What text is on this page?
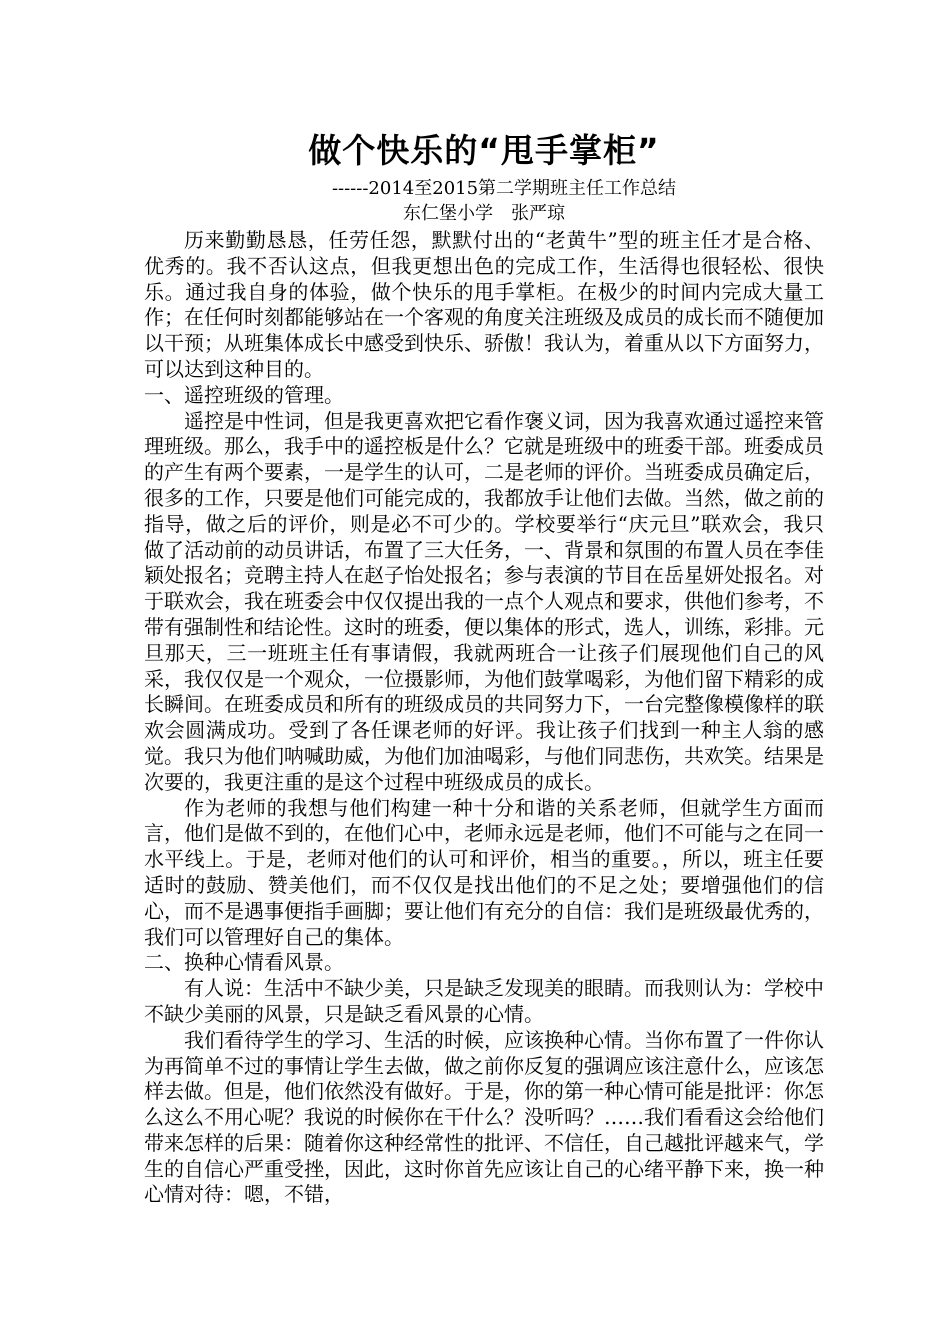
做个快乐的“甩手掌柜”

------2014至2015第二学期班主任工作总结

东仁堡小学　张严琼

历来勤勤恳恳，任劳任怨，默默付出的“老黄牛”型的班主任才是合格、优秀的。我不否认这点，但我更想出色的完成工作，生活得也很轻松、很快乐。通过我自身的体验，做个快乐的甩手掌柜。在极少的时间内完成大量工作；在任何时刻都能够站在一个客观的角度关注班级及成员的成长而不随便加以干预；从班集体成长中感受到快乐、骄傲！我认为，着重从以下方面努力，可以达到这种目的。

一、遥控班级的管理。

遥控是中性词，但是我更喜欢把它看作褒义词，因为我喜欢通过遥控来管理班级。那么，我手中的遥控板是什么？它就是班级中的班委干部。班委成员的产生有两个要素，一是学生的认可，二是老师的评价。当班委成员确定后，很多的工作，只要是他们可能完成的，我都放手让他们去做。当然，做之前的指导，做之后的评价，则是必不可少的。学校要举行“庆元旦”联欢会，我只做了活动前的动员讲话，布置了三大任务，一、背景和氛围的布置人员在李佳颖处报名；竞聘主持人在赵子怡处报名；参与表演的节目在岳星妍处报名。对于联欢会，我在班委会中仅仅提出我的一点个人观点和要求，供他们参考，不带有强制性和结论性。这时的班委，便以集体的形式，选人，训练，彩排。元旦那天，三一班班主任有事请假，我就两班合一让孩子们展现他们自己的风采，我仅仅是一个观众，一位摄影师，为他们鼓掌喝彩，为他们留下精彩的成长瞬间。在班委成员和所有的班级成员的共同努力下，一台完整像模像样的联欢会圆满成功。受到了各任课老师的好评。我让孩子们找到一种主人翁的感觉。我只为他们呐喊助威，为他们加油喝彩，与他们同悲伤，共欢笑。结果是次要的，我更注重的是这个过程中班级成员的成长。

作为老师的我想与他们构建一种十分和谐的关系老师，但就学生方面而言，他们是做不到的，在他们心中，老师永远是老师，他们不可能与之在同一水平线上。于是，老师对他们的认可和评价，相当的重要。，所以，班主任要适时的鼓励、赞美他们，而不仅仅是找出他们的不足之处；要增强他们的信心，而不是遇事便指手画脚；要让他们有充分的自信：我们是班级最优秀的，我们可以管理好自己的集体。

二、换种心情看风景。

有人说：生活中不缺少美，只是缺乏发现美的眼睛。而我则认为：学校中不缺少美丽的风景，只是缺乏看风景的心情。

我们看待学生的学习、生活的时候，应该换种心情。当你布置了一件你认为再简单不过的事情让学生去做，做之前你反复的强调应该注意什么，应该怎样去做。但是，他们依然没有做好。于是，你的第一种心情可能是批评：你怎么这么不用心呢？我说的时候你在干什么？没听吗？……我们看看这会给他们带来怎样的后果：随着你这种经常性的批评、不信任，自己越批评越来气，学生的自信心严重受挫，因此，这时你首先应该让自己的心绪平静下来，换一种心情对待：嗯，不错，
